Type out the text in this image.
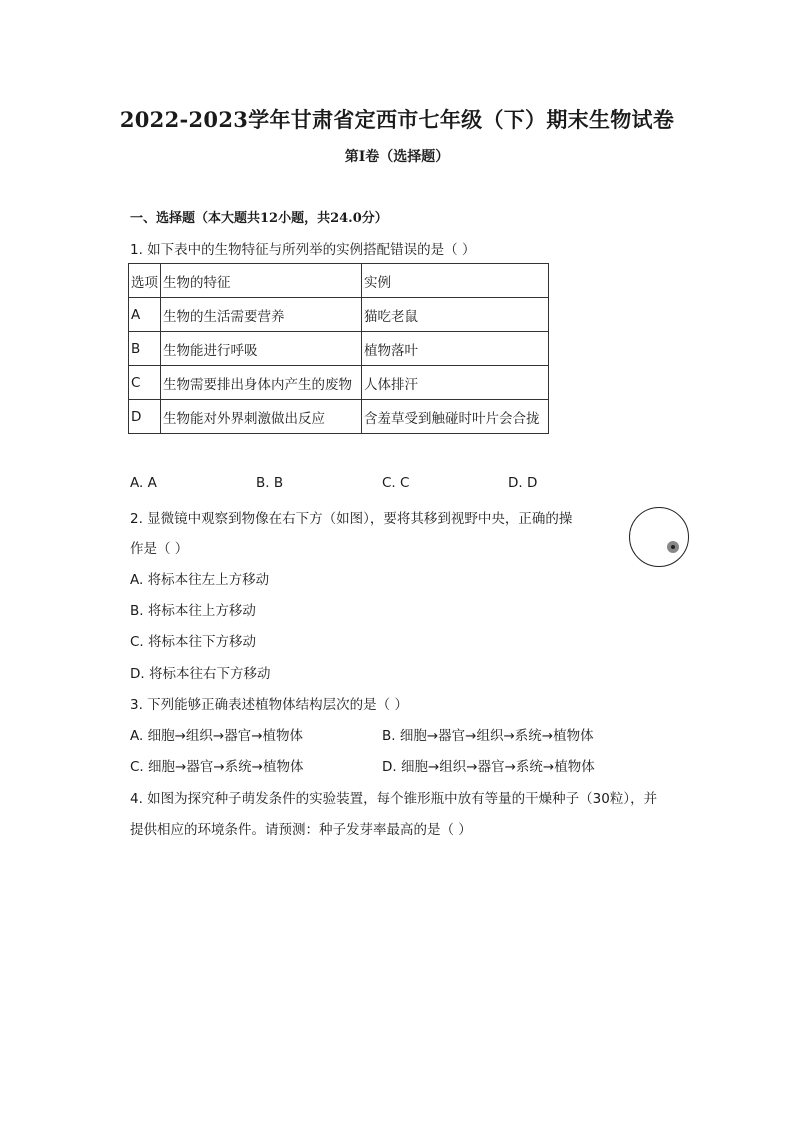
2022-2023学年甘肃省定西市七年级（下）期末生物试卷
第I卷（选择题）
一、选择题（本大题共12小题，共24.0分）
1. 如下表中的生物特征与所列举的实例搭配错误的是（ ）
选项	生物的特征	实例
A	生物的生活需要营养	猫吃老鼠
B	生物能进行呼吸	植物落叶
C	生物需要排出身体内产生的废物	人体排汗
D	生物能对外界刺激做出反应	含羞草受到触碰时叶片会合拢
A. A	B. B	C. C	D. D
2. 显微镜中观察到物像在右下方（如图），要将其移到视野中央，正确的操
作是（ ）
A. 将标本往左上方移动
B. 将标本往上方移动
C. 将标本往下方移动
D. 将标本往右下方移动
3. 下列能够正确表述植物体结构层次的是（ ）
A. 细胞→组织→器官→植物体	B. 细胞→器官→组织→系统→植物体
C. 细胞→器官→系统→植物体	D. 细胞→组织→器官→系统→植物体
4. 如图为探究种子萌发条件的实验装置，每个锥形瓶中放有等量的干燥种子（30粒），并
提供相应的环境条件。请预测：种子发芽率最高的是（ ）
